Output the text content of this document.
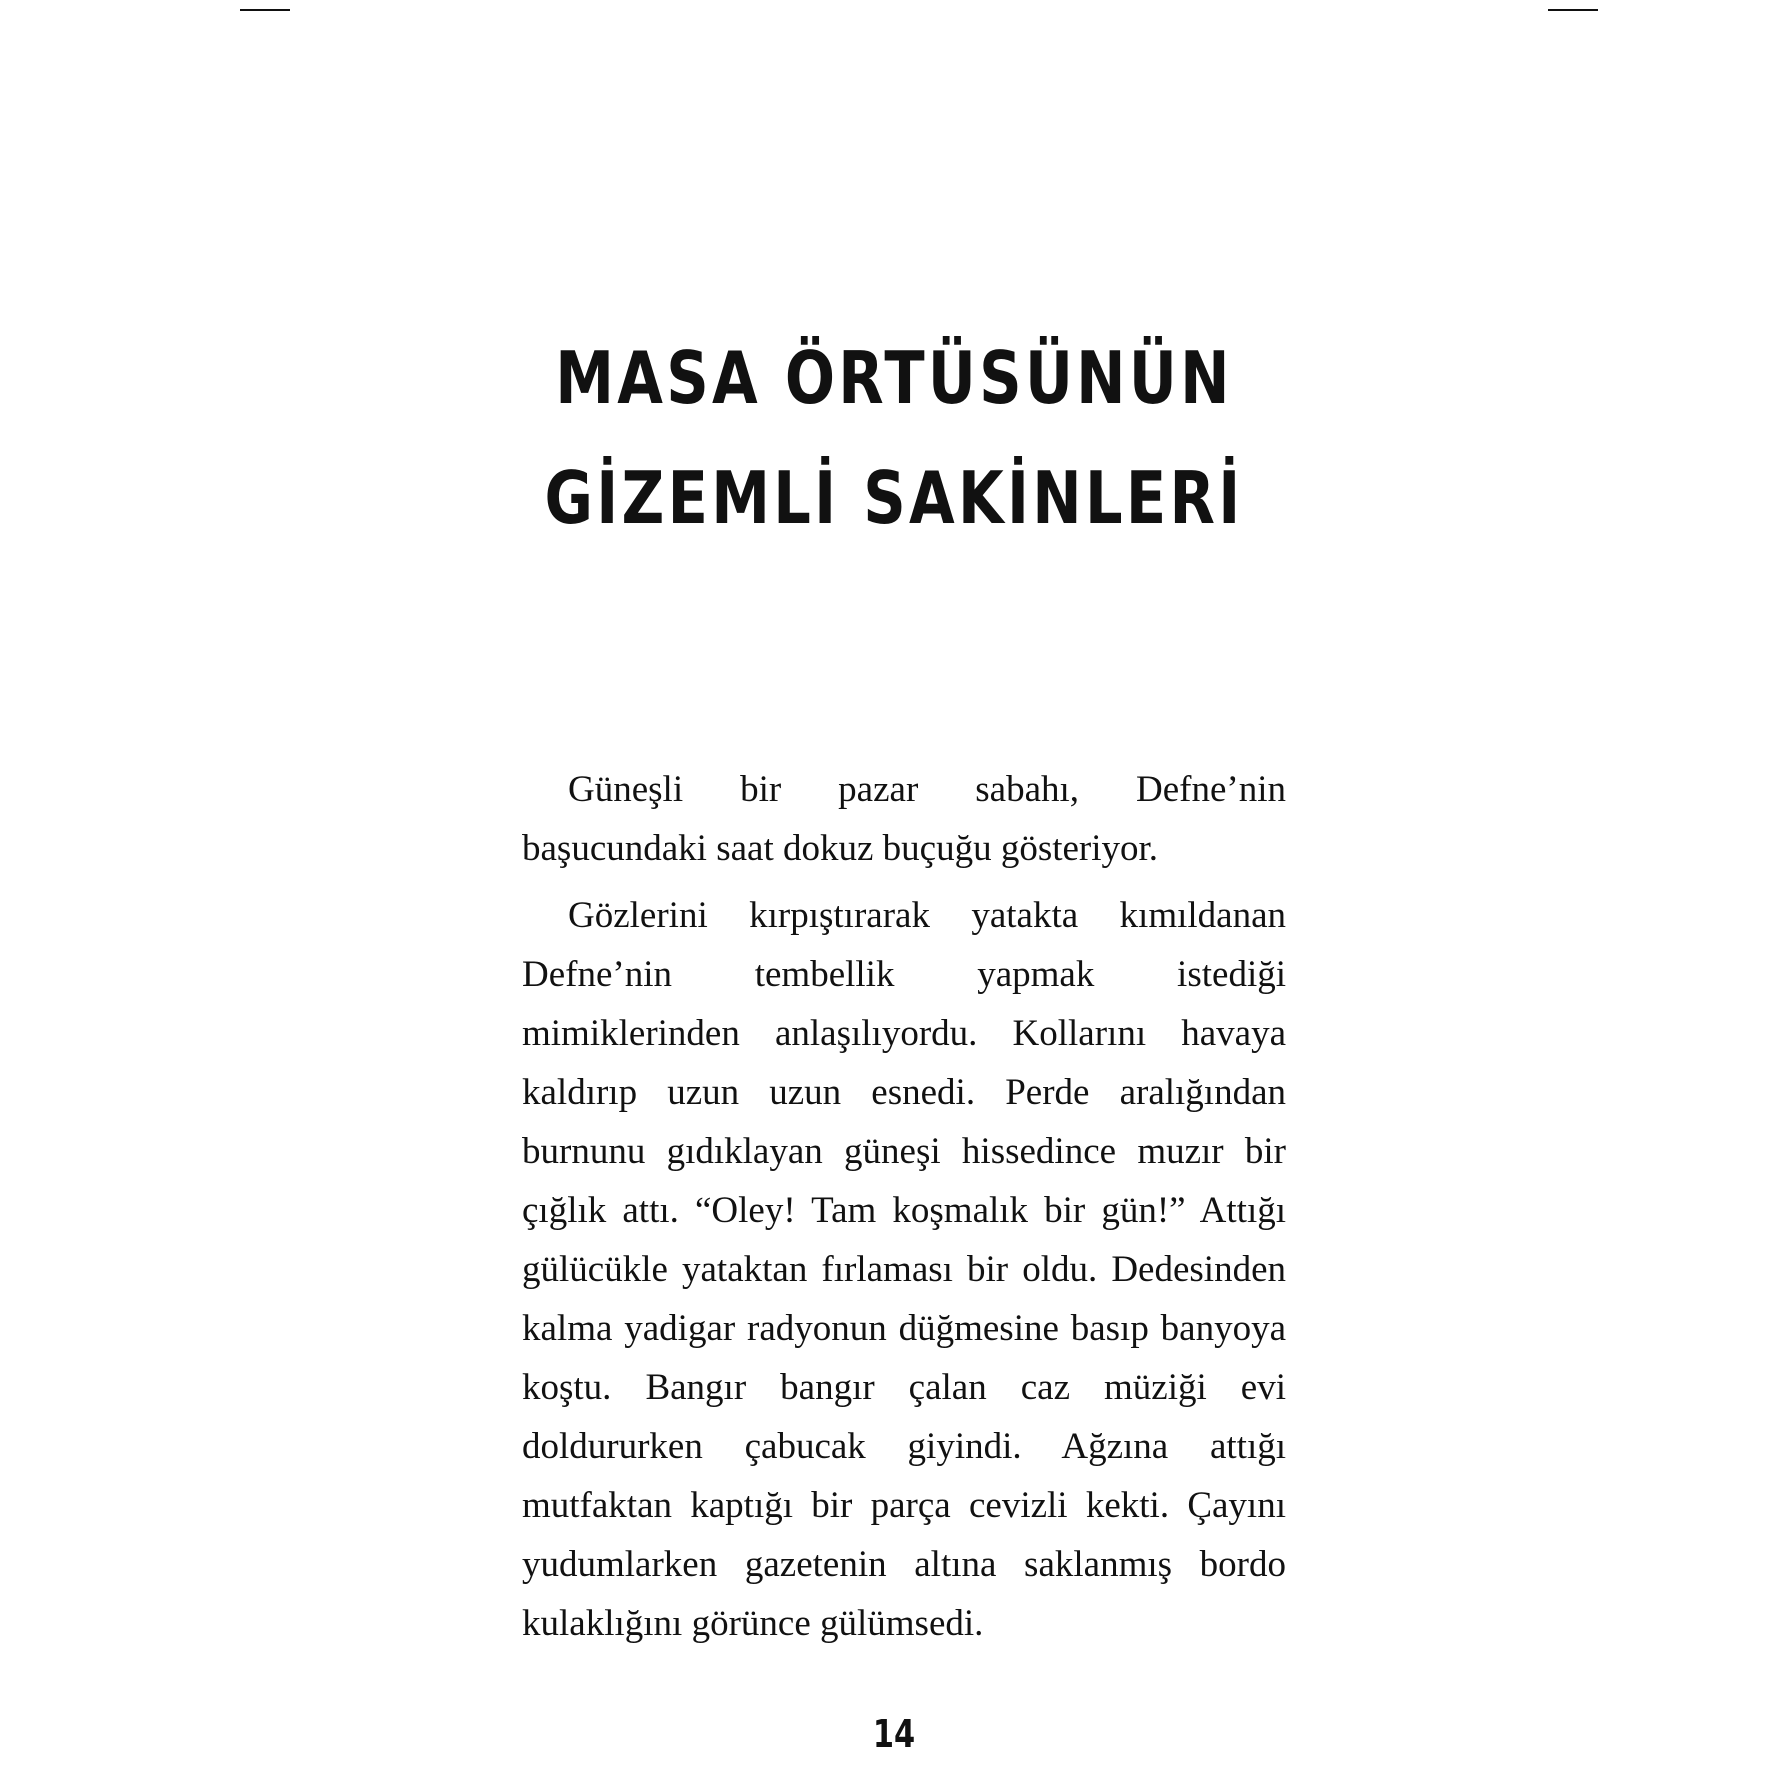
MASA ÖRTÜSÜNÜN
GİZEMLİ SAKİNLERİ

Güneşli bir pazar sabahı, Defne’nin başucundaki saat dokuz buçuğu gösteriyor.

Gözlerini kırpıştırarak yatakta kımıldanan Defne’nin tembellik yapmak istediği mimiklerinden anlaşılıyordu. Kollarını havaya kaldırıp uzun uzun esnedi. Perde aralığından burnunu gıdıklayan güneşi hissedince muzır bir çığlık attı. “Oley! Tam koşmalık bir gün!” Attığı gülücükle yataktan fırlaması bir oldu. Dedesinden kalma yadigar radyonun düğmesine basıp banyoya koştu. Bangır bangır çalan caz müziği evi doldururken çabucak giyindi. Ağzına attığı mutfaktan kaptığı bir parça cevizli kekti. Çayını yudumlarken gazetenin altına saklanmış bordo kulaklığını görünce gülümsedi.

14
